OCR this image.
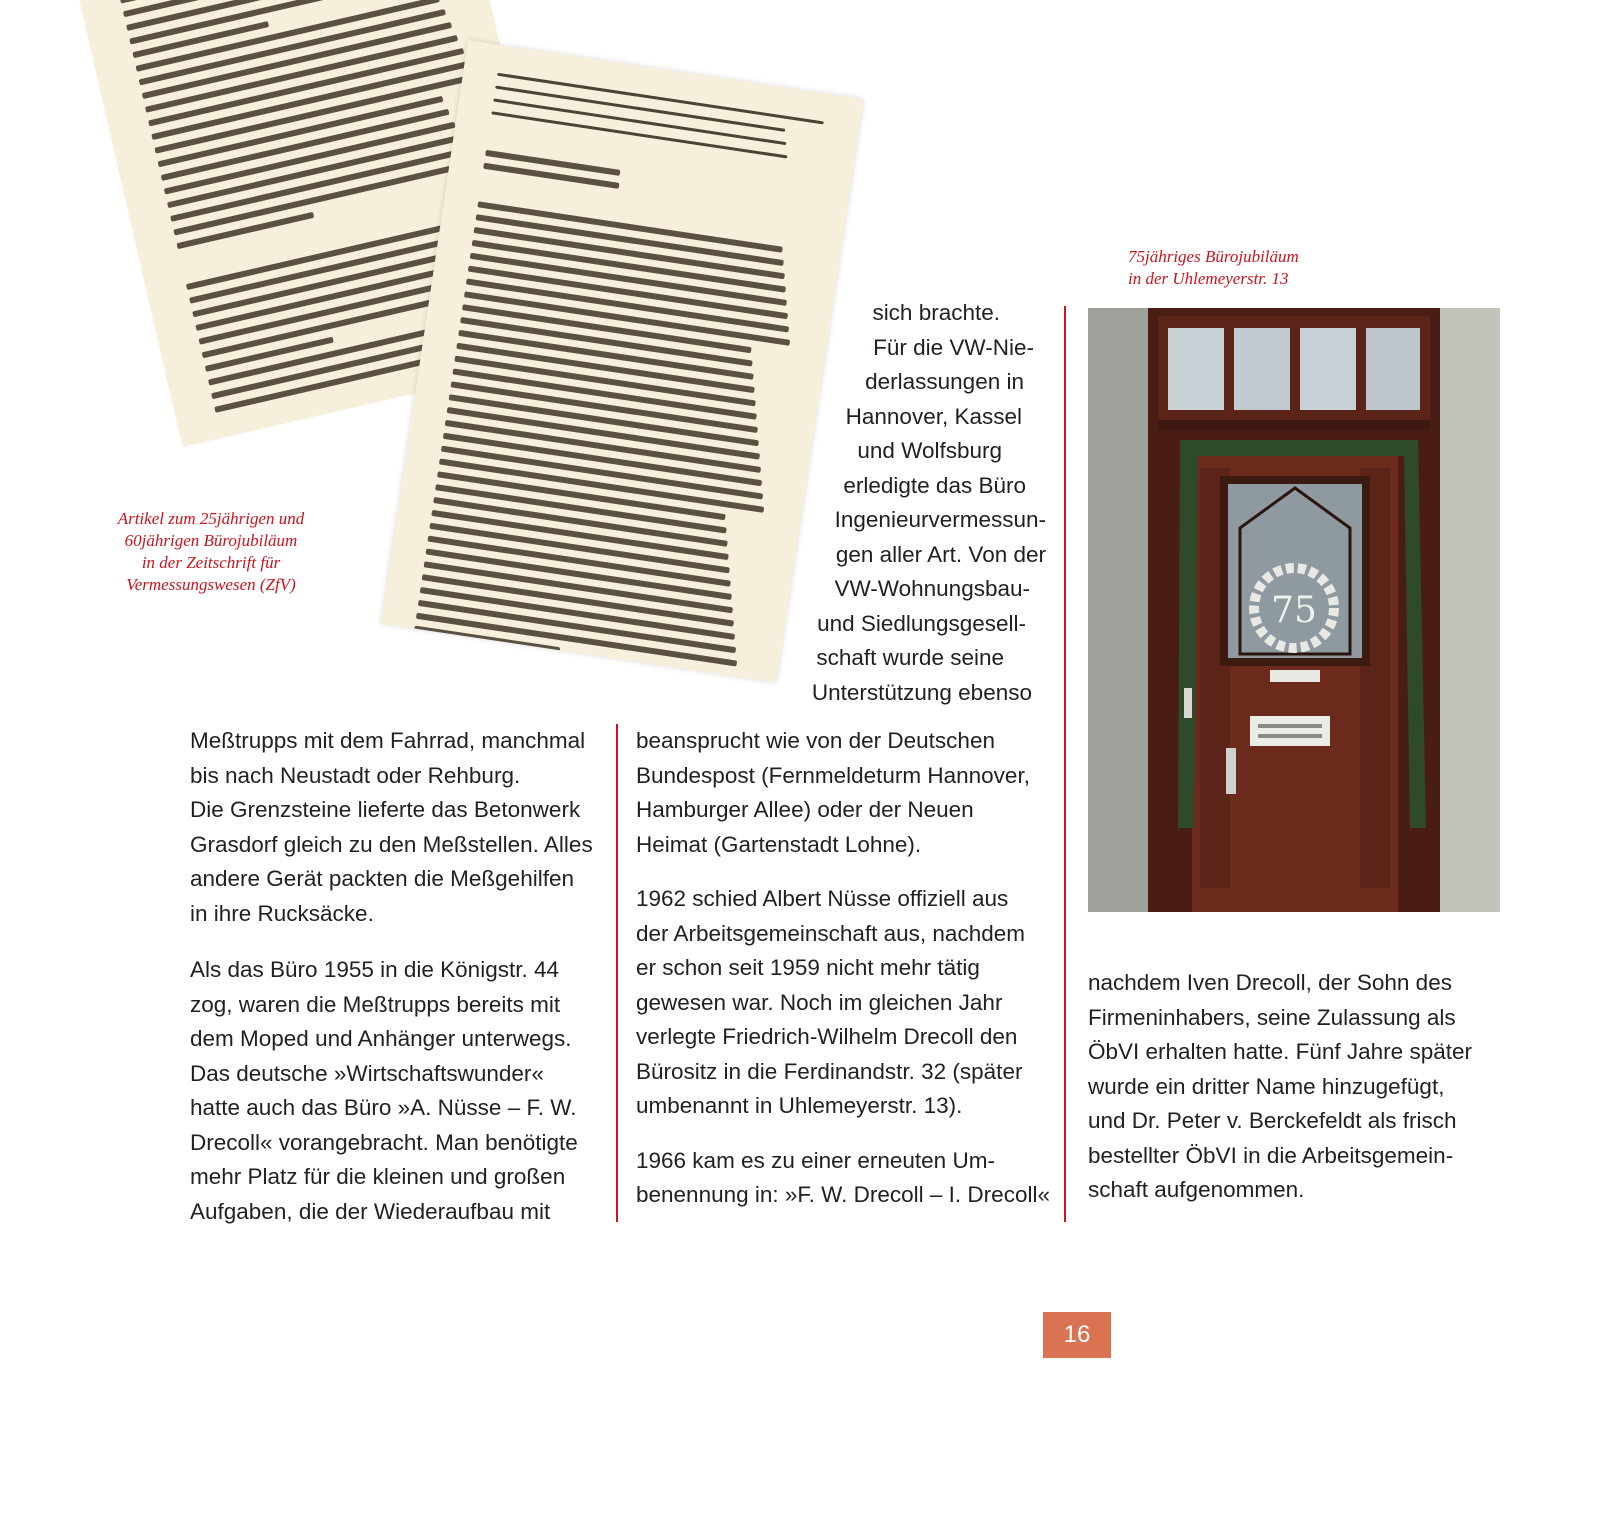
Artikel zum 25jährigen und
60jährigen Bürojubiläum
in der Zeitschrift für
Vermessungswesen (ZfV)
75jähriges Bürojubiläum
in der Uhlemeyerstr. 13
sich brachte.
Für die VW-Nie-
derlassungen in
Hannover, Kassel
und Wolfsburg
erledigte das Büro
Ingenieurvermessun-
gen aller Art. Von der
VW-Wohnungsbau-
und Siedlungsgesell-
schaft wurde seine
Unterstützung ebenso

Meßtrupps mit dem Fahrrad, manchmal
bis nach Neustadt oder Rehburg.
Die Grenzsteine lieferte das Betonwerk
Grasdorf gleich zu den Meßstellen. Alles
andere Gerät packten die Meßgehilfen
in ihre Rucksäcke.

Als das Büro 1955 in die Königstr. 44
zog, waren die Meßtrupps bereits mit
dem Moped und Anhänger unterwegs.
Das deutsche »Wirtschaftswunder«
hatte auch das Büro »A. Nüsse – F. W.
Drecoll« vorangebracht. Man benötigte
mehr Platz für die kleinen und großen
Aufgaben, die der Wiederaufbau mit

beansprucht wie von der Deutschen
Bundespost (Fernmeldeturm Hannover,
Hamburger Allee) oder der Neuen
Heimat (Gartenstadt Lohne).

1962 schied Albert Nüsse offiziell aus
der Arbeitsgemeinschaft aus, nachdem
er schon seit 1959 nicht mehr tätig
gewesen war. Noch im gleichen Jahr
verlegte Friedrich-Wilhelm Drecoll den
Bürositz in die Ferdinandstr. 32 (später
umbenannt in Uhlemeyerstr. 13).

1966 kam es zu einer erneuten Um-
benennung in: »F. W. Drecoll – I. Drecoll«

75

nachdem Iven Drecoll, der Sohn des
Firmeninhabers, seine Zulassung als
ÖbVI erhalten hatte. Fünf Jahre später
wurde ein dritter Name hinzugefügt,
und Dr. Peter v. Berckefeldt als frisch
bestellter ÖbVI in die Arbeitsgemein-
schaft aufgenommen.

16
